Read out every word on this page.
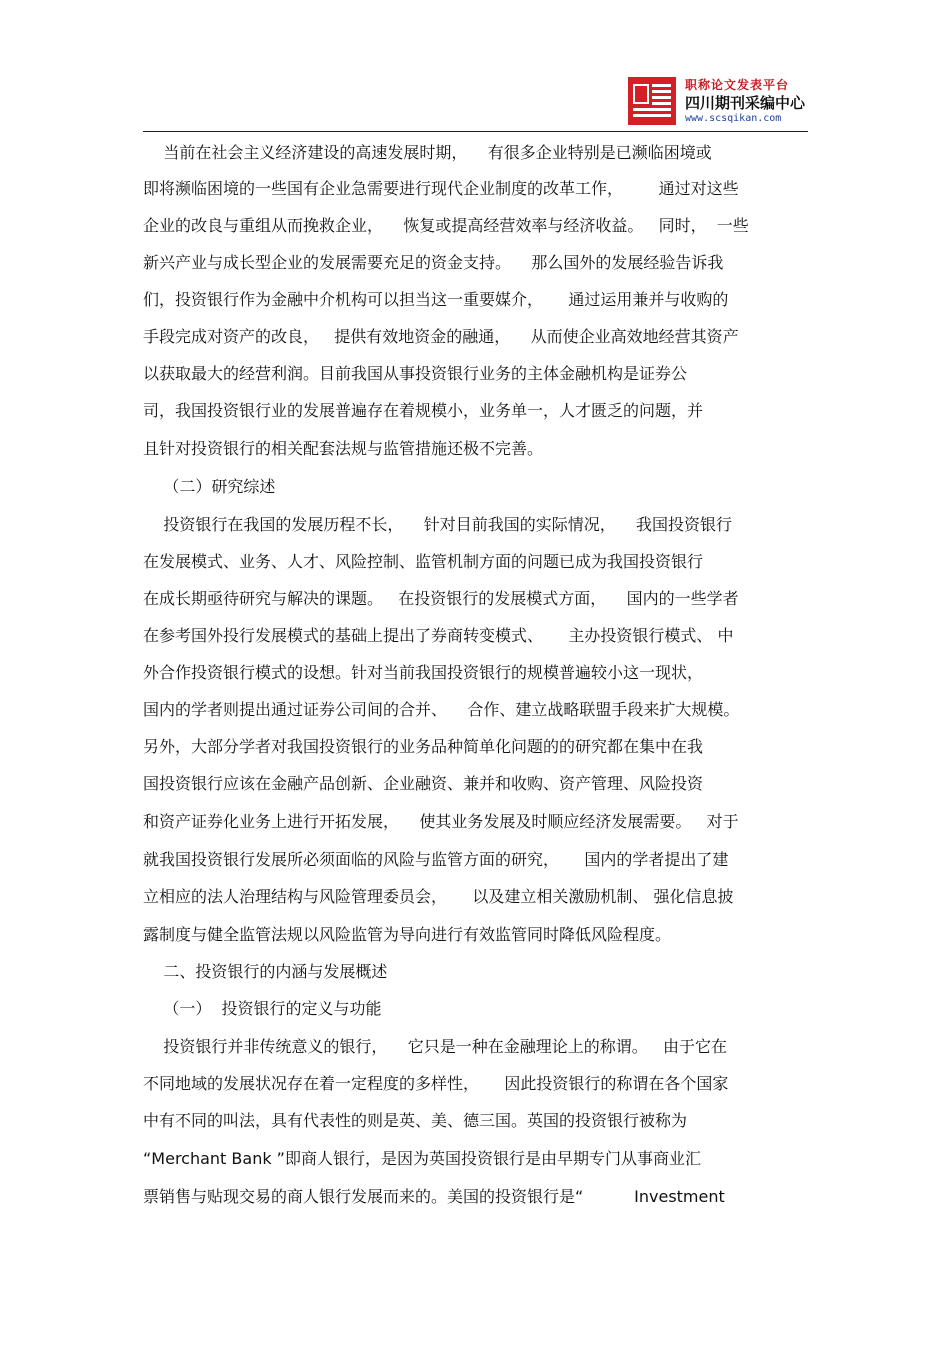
职称论文发表平台
四川期刊采编中心
www.scsqikan.com
当前在社会主义经济建设的高速发展时期，    有很多企业特别是已濒临困境或
即将濒临困境的一些国有企业急需要进行现代企业制度的改革工作，       通过对这些
企业的改良与重组从而挽救企业，    恢复或提高经营效率与经济收益。   同时，  一些
新兴产业与成长型企业的发展需要充足的资金支持。    那么国外的发展经验告诉我
们，投资银行作为金融中介机构可以担当这一重要媒介，     通过运用兼并与收购的
手段完成对资产的改良，   提供有效地资金的融通，    从而使企业高效地经营其资产
以获取最大的经营利润。目前我国从事投资银行业务的主体金融机构是证券公
司，我国投资银行业的发展普遍存在着规模小，业务单一，人才匮乏的问题，并
且针对投资银行的相关配套法规与监管措施还极不完善。
（二）研究综述
投资银行在我国的发展历程不长，    针对目前我国的实际情况，    我国投资银行
在发展模式、业务、人才、风险控制、监管机制方面的问题已成为我国投资银行
在成长期亟待研究与解决的课题。   在投资银行的发展模式方面，    国内的一些学者
在参考国外投行发展模式的基础上提出了券商转变模式、     主办投资银行模式、 中
外合作投资银行模式的设想。针对当前我国投资银行的规模普遍较小这一现状，
国内的学者则提出通过证券公司间的合并、    合作、建立战略联盟手段来扩大规模。
另外，大部分学者对我国投资银行的业务品种简单化问题的的研究都在集中在我
国投资银行应该在金融产品创新、企业融资、兼并和收购、资产管理、风险投资
和资产证券化业务上进行开拓发展，    使其业务发展及时顺应经济发展需要。   对于
就我国投资银行发展所必须面临的风险与监管方面的研究，     国内的学者提出了建
立相应的法人治理结构与风险管理委员会，     以及建立相关激励机制、 强化信息披
露制度与健全监管法规以风险监管为导向进行有效监管同时降低风险程度。
二、投资银行的内涵与发展概述
（一）  投资银行的定义与功能
投资银行并非传统意义的银行，    它只是一种在金融理论上的称谓。   由于它在
不同地域的发展状况存在着一定程度的多样性，     因此投资银行的称谓在各个国家
中有不同的叫法，具有代表性的则是英、美、德三国。英国的投资银行被称为
“Merchant Bank ”即商人银行，是因为英国投资银行是由早期专门从事商业汇
票销售与贴现交易的商人银行发展而来的。美国的投资银行是“          Investment
